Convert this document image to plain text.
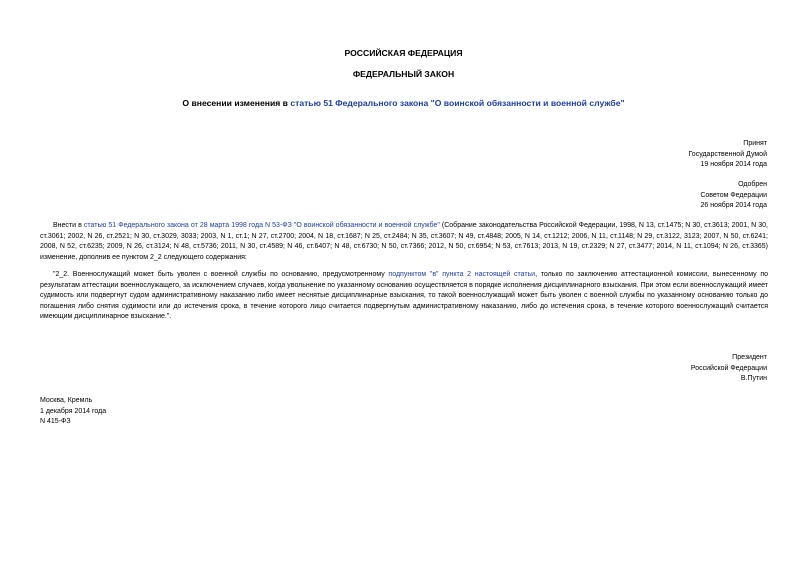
РОССИЙСКАЯ ФЕДЕРАЦИЯ
ФЕДЕРАЛЬНЫЙ ЗАКОН
О внесении изменения в статью 51 Федерального закона "О воинской обязанности и военной службе"
Принят
Государственной Думой
19 ноября 2014 года
Одобрен
Советом Федерации
26 ноября 2014 года
Внести в статью 51 Федерального закона от 28 марта 1998 года N 53-ФЗ "О воинской обязанности и военной службе" (Собрание законодательства Российской Федерации, 1998, N 13, ст.1475; N 30, ст.3613; 2001, N 30, ст.3061; 2002, N 26, ст.2521; N 30, ст.3029, 3033; 2003, N 1, ст.1; N 27, ст.2700; 2004, N 18, ст.1687; N 25, ст.2484; N 35, ст.3607; N 49, ст.4848; 2005, N 14, ст.1212; 2006, N 11, ст.1148; N 29, ст.3122, 3123; 2007, N 50, ст.6241; 2008, N 52, ст.6235; 2009, N 26, ст.3124; N 48, ст.5736; 2011, N 30, ст.4589; N 46, ст.6407; N 48, ст.6730; N 50, ст.7366; 2012, N 50, ст.6954; N 53, ст.7613; 2013, N 19, ст.2329; N 27, ст.3477; 2014, N 11, ст.1094; N 26, ст.3365) изменение, дополнив ее пунктом 2_2 следующего содержания:
"2_2. Военнослужащий может быть уволен с военной службы по основанию, предусмотренному подпунктом "в" пункта 2 настоящей статьи, только по заключению аттестационной комиссии, вынесенному по результатам аттестации военнослужащего, за исключением случаев, когда увольнение по указанному основанию осуществляется в порядке исполнения дисциплинарного взыскания. При этом если военнослужащий имеет судимость или подвергнут судом административному наказанию либо имеет неснятые дисциплинарные взыскания, то такой военнослужащий может быть уволен с военной службы по указанному основанию только до погашения либо снятия судимости или до истечения срока, в течение которого лицо считается подвергнутым административному наказанию, либо до истечения срока, в течение которого военнослужащий считается имеющим дисциплинарное взыскание.".
Президент
Российской Федерации
В.Путин
Москва, Кремль
1 декабря 2014 года
N 415-ФЗ
